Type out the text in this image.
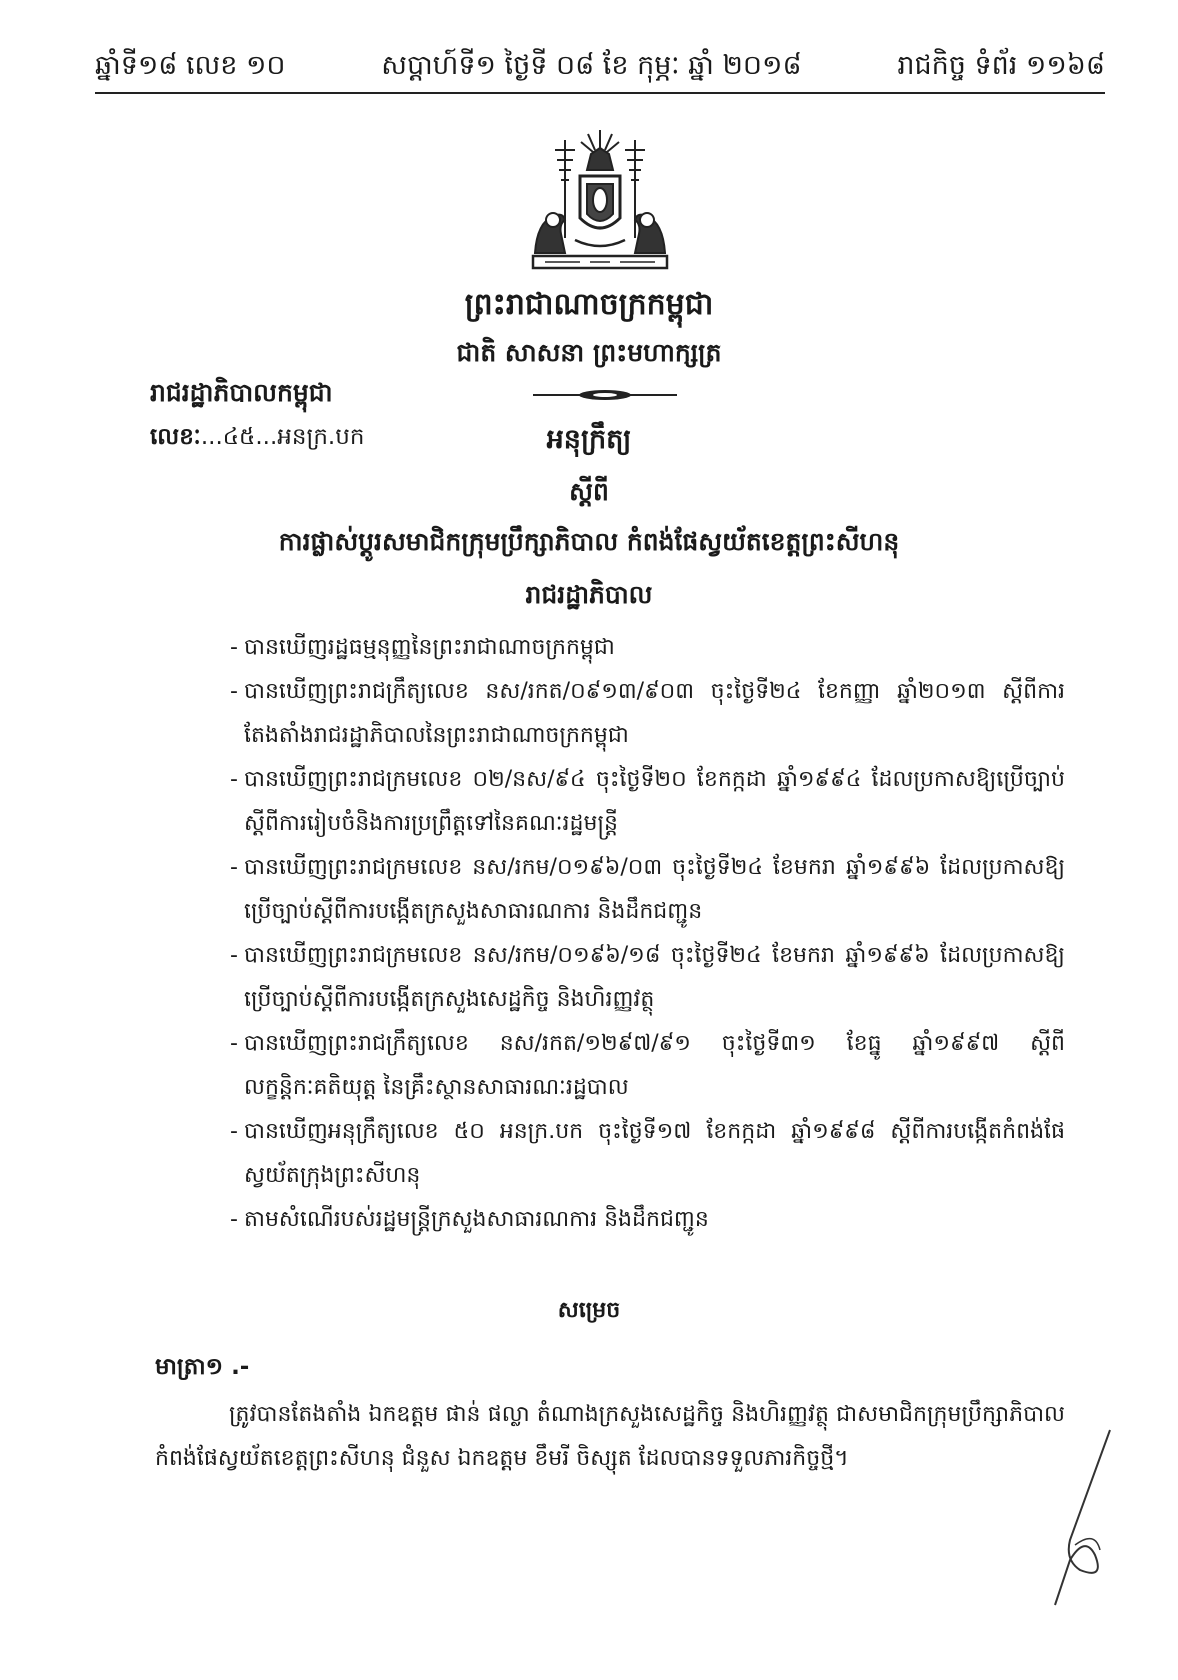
ឆ្នាំទី១៨ លេខ ១០	សប្តាហ៍ទី១ ថ្ងៃទី ០៨ ខែ កុម្ភៈ ឆ្នាំ ២០១៨	រាជកិច្ច ទំព័រ ១១៦៨
ព្រះរាជាណាចក្រកម្ពុជា
ជាតិ សាសនា ព្រះមហាក្សត្រ
រាជរដ្ឋាភិបាលកម្ពុជា
លេខៈ...៤៥...អនក្រ.បក	អនុក្រឹត្យ
ស្តីពី
ការផ្លាស់ប្តូរសមាជិកក្រុមប្រឹក្សាភិបាល កំពង់ផែស្វយ័តខេត្តព្រះសីហនុ
រាជរដ្ឋាភិបាល
- បានឃើញរដ្ឋធម្មនុញ្ញនៃព្រះរាជាណាចក្រកម្ពុជា
- បានឃើញព្រះរាជក្រឹត្យលេខ នស/រកត/០៩១៣/៩០៣ ចុះថ្ងៃទី២៤ ខែកញ្ញា ឆ្នាំ២០១៣ ស្តីពីការតែងតាំងរាជរដ្ឋាភិបាលនៃព្រះរាជាណាចក្រកម្ពុជា
- បានឃើញព្រះរាជក្រមលេខ ០២/នស/៩៤ ចុះថ្ងៃទី២០ ខែកក្កដា ឆ្នាំ១៩៩៤ ដែលប្រកាសឱ្យប្រើច្បាប់ស្តីពីការរៀបចំនិងការប្រព្រឹត្តទៅនៃគណៈរដ្ឋមន្ត្រី
- បានឃើញព្រះរាជក្រមលេខ នស/រកម/០១៩៦/០៣ ចុះថ្ងៃទី២៤ ខែមករា ឆ្នាំ១៩៩៦ ដែលប្រកាសឱ្យប្រើច្បាប់ស្តីពីការបង្កើតក្រសួងសាធារណការ និងដឹកជញ្ជូន
- បានឃើញព្រះរាជក្រមលេខ នស/រកម/០១៩៦/១៨ ចុះថ្ងៃទី២៤ ខែមករា ឆ្នាំ១៩៩៦ ដែលប្រកាសឱ្យប្រើច្បាប់ស្តីពីការបង្កើតក្រសួងសេដ្ឋកិច្ច និងហិរញ្ញវត្ថុ
- បានឃើញព្រះរាជក្រឹត្យលេខ នស/រកត/១២៩៧/៩១ ចុះថ្ងៃទី៣១ ខែធ្នូ ឆ្នាំ១៩៩៧ ស្តីពីលក្ខន្តិកៈគតិយុត្ត នៃគ្រឹះស្ថានសាធារណៈរដ្ឋបាល
- បានឃើញអនុក្រឹត្យលេខ ៥០ អនក្រ.បក ចុះថ្ងៃទី១៧ ខែកក្កដា ឆ្នាំ១៩៩៨ ស្តីពីការបង្កើតកំពង់ផែស្វយ័តក្រុងព្រះសីហនុ
- តាមសំណើរបស់រដ្ឋមន្ត្រីក្រសួងសាធារណការ និងដឹកជញ្ជូន
សម្រេច
មាត្រា១ .-
ត្រូវបានតែងតាំង ឯកឧត្តម ផាន់ ផល្លា តំណាងក្រសួងសេដ្ឋកិច្ច និងហិរញ្ញវត្ថុ ជាសមាជិកក្រុមប្រឹក្សាភិបាលកំពង់ផែស្វយ័តខេត្តព្រះសីហនុ ជំនួស ឯកឧត្តម ខឹមរី ចិស្សុត ដែលបានទទួលភារកិច្ចថ្មី។
